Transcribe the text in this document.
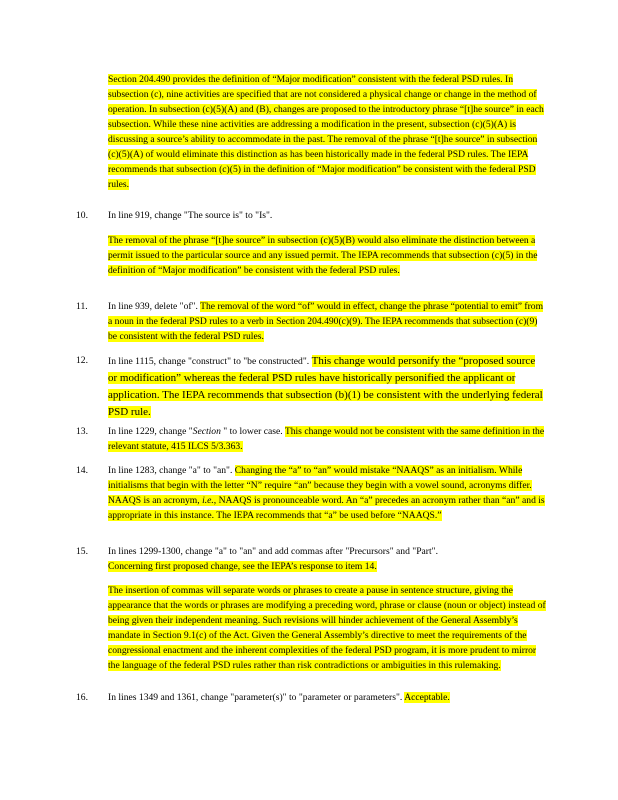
Section 204.490 provides the definition of “Major modification” consistent with the federal PSD rules. In subsection (c), nine activities are specified that are not considered a physical change or change in the method of operation. In subsection (c)(5)(A) and (B), changes are proposed to the introductory phrase “[t]he source” in each subsection. While these nine activities are addressing a modification in the present, subsection (c)(5)(A) is discussing a source’s ability to accommodate in the past. The removal of the phrase “[t]he source” in subsection (c)(5)(A) of would eliminate this distinction as has been historically made in the federal PSD rules. The IEPA recommends that subsection (c)(5) in the definition of “Major modification” be consistent with the federal PSD rules.
10. In line 919, change "The source is" to "Is".
The removal of the phrase “[t]he source” in subsection (c)(5)(B) would also eliminate the distinction between a permit issued to the particular source and any issued permit. The IEPA recommends that subsection (c)(5) in the definition of “Major modification” be consistent with the federal PSD rules.
11. In line 939, delete "of". The removal of the word “of” would in effect, change the phrase “potential to emit” from a noun in the federal PSD rules to a verb in Section 204.490(c)(9). The IEPA recommends that subsection (c)(9) be consistent with the federal PSD rules.
12. In line 1115, change "construct" to "be constructed". This change would personify the “proposed source or modification” whereas the federal PSD rules have historically personified the applicant or application. The IEPA recommends that subsection (b)(1) be consistent with the underlying federal PSD rule.
13. In line 1229, change "Section " to lower case. This change would not be consistent with the same definition in the relevant statute, 415 ILCS 5/3.363.
14. In line 1283, change "a" to "an". Changing the “a” to “an” would mistake “NAAQS” as an initialism. While initialisms that begin with the letter “N” require “an” because they begin with a vowel sound, acronyms differ. NAAQS is an acronym, i.e., NAAQS is pronounceable word. An “a” precedes an acronym rather than “an” and is appropriate in this instance. The IEPA recommends that “a” be used before “NAAQS.”
15. In lines 1299-1300, change "a" to "an" and add commas after "Precursors" and "Part".
Concerning first proposed change, see the IEPA’s response to item 14.
The insertion of commas will separate words or phrases to create a pause in sentence structure, giving the appearance that the words or phrases are modifying a preceding word, phrase or clause (noun or object) instead of being given their independent meaning. Such revisions will hinder achievement of the General Assembly’s mandate in Section 9.1(c) of the Act. Given the General Assembly’s directive to meet the requirements of the congressional enactment and the inherent complexities of the federal PSD program, it is more prudent to mirror the language of the federal PSD rules rather than risk contradictions or ambiguities in this rulemaking.
16. In lines 1349 and 1361, change "parameter(s)" to "parameter or parameters". Acceptable.
